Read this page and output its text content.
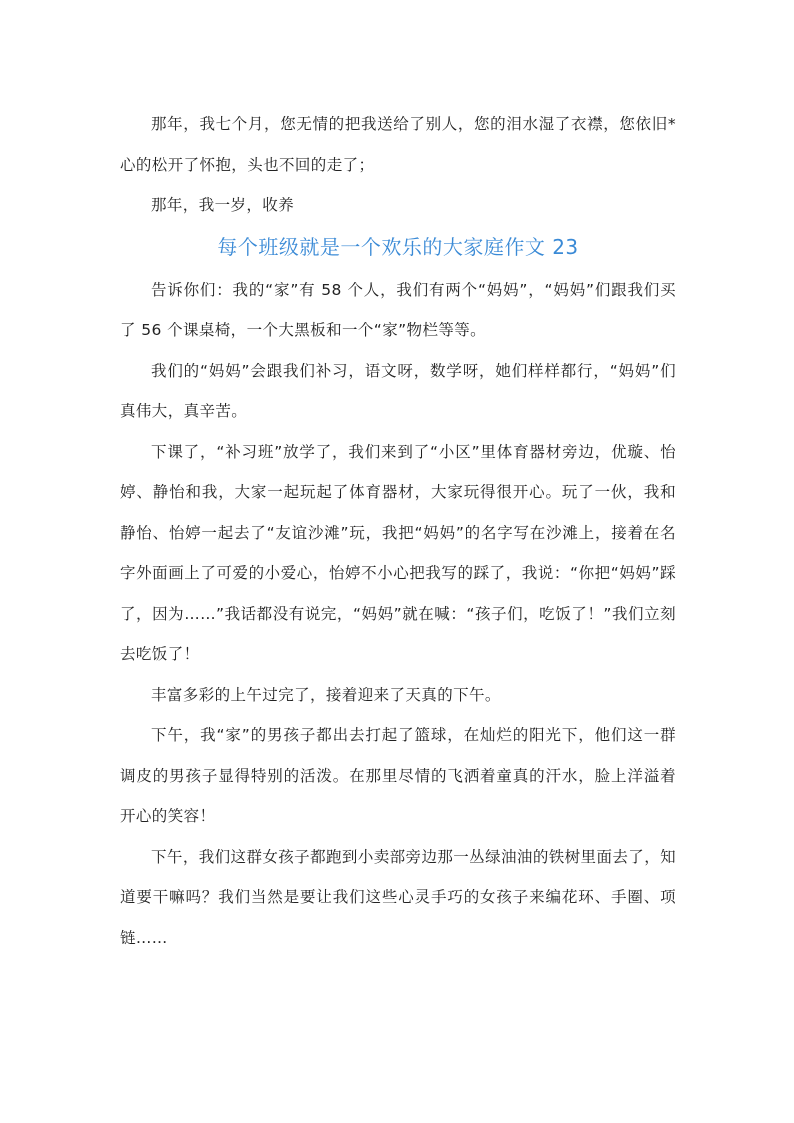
那年，我七个月，您无情的把我送给了别人，您的泪水湿了衣襟，您依旧*心的松开了怀抱，头也不回的走了；

那年，我一岁，收养

每个班级就是一个欢乐的大家庭作文 23

告诉你们：我的“家”有 58 个人，我们有两个“妈妈”，“妈妈”们跟我们买了 56 个课桌椅，一个大黑板和一个“家”物栏等等。

我们的“妈妈”会跟我们补习，语文呀，数学呀，她们样样都行，“妈妈”们真伟大，真辛苦。

下课了，“补习班”放学了，我们来到了“小区”里体育器材旁边，优璇、怡婷、静怡和我，大家一起玩起了体育器材，大家玩得很开心。玩了一伙，我和静怡、怡婷一起去了“友谊沙滩”玩，我把“妈妈”的名字写在沙滩上，接着在名字外面画上了可爱的小爱心，怡婷不小心把我写的踩了，我说：“你把“妈妈”踩了，因为……”我话都没有说完，“妈妈”就在喊：“孩子们，吃饭了！”我们立刻去吃饭了！

丰富多彩的上午过完了，接着迎来了天真的下午。

下午，我“家”的男孩子都出去打起了篮球，在灿烂的阳光下，他们这一群调皮的男孩子显得特别的活泼。在那里尽情的飞洒着童真的汗水，脸上洋溢着开心的笑容！

下午，我们这群女孩子都跑到小卖部旁边那一丛绿油油的铁树里面去了，知道要干嘛吗？我们当然是要让我们这些心灵手巧的女孩子来编花环、手圈、项链……
